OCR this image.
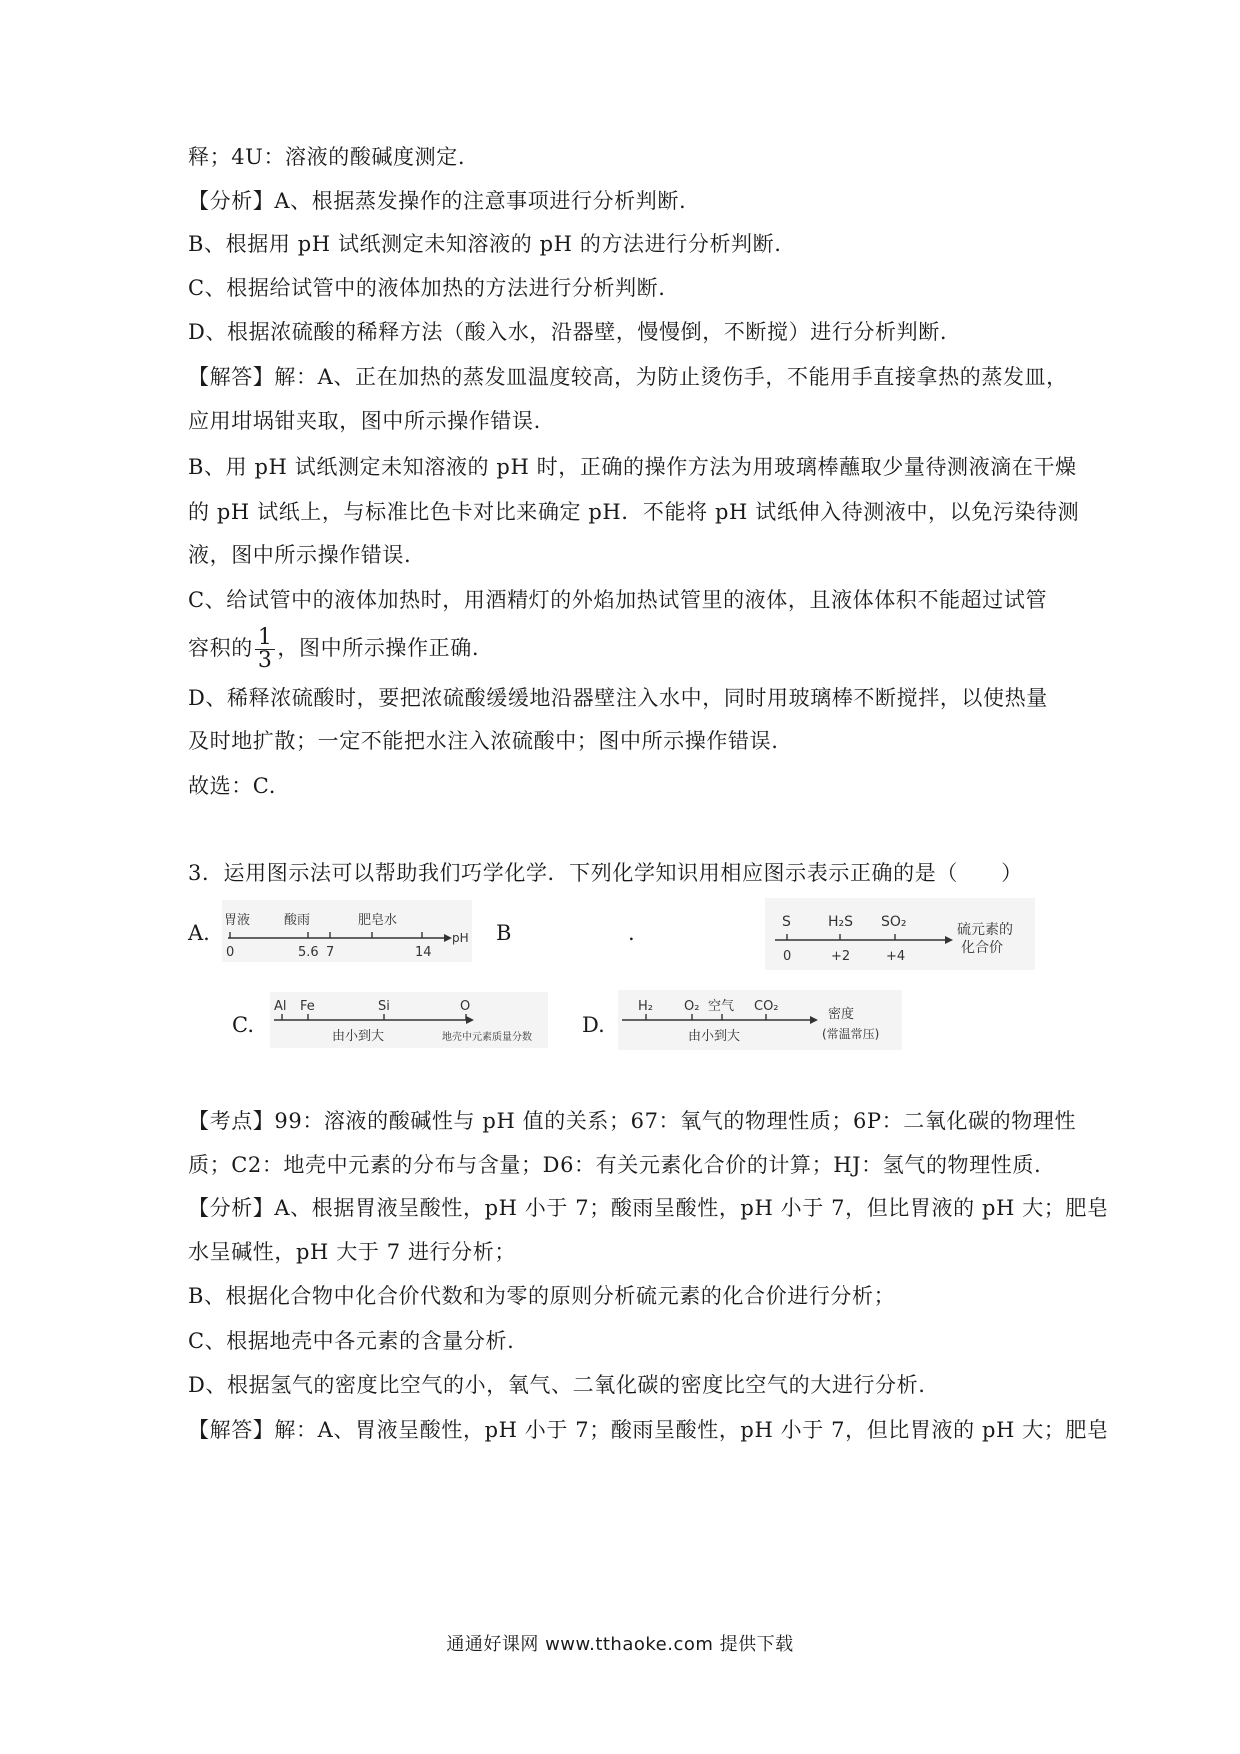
释；4U：溶液的酸碱度测定.
【分析】A、根据蒸发操作的注意事项进行分析判断.
B、根据用 pH 试纸测定未知溶液的 pH 的方法进行分析判断.
C、根据给试管中的液体加热的方法进行分析判断.
D、根据浓硫酸的稀释方法（酸入水，沿器壁，慢慢倒，不断搅）进行分析判断.
【解答】解：A、正在加热的蒸发皿温度较高，为防止烫伤手，不能用手直接拿热的蒸发皿，
应用坩埚钳夹取，图中所示操作错误.
B、用 pH 试纸测定未知溶液的 pH 时，正确的操作方法为用玻璃棒蘸取少量待测液滴在干燥
的 pH 试纸上，与标准比色卡对比来确定 pH．不能将 pH 试纸伸入待测液中，以免污染待测
液，图中所示操作错误.
C、给试管中的液体加热时，用酒精灯的外焰加热试管里的液体，且液体体积不能超过试管
容积的 $\frac{1}{3}$ ，图中所示操作正确.
D、稀释浓硫酸时，要把浓硫酸缓缓地沿器壁注入水中，同时用玻璃棒不断搅拌，以使热量
及时地扩散；一定不能把水注入浓硫酸中；图中所示操作错误.
故选：C.
3．运用图示法可以帮助我们巧学化学．下列化学知识用相应图示表示正确的是（　　）
A.
胃液	酸雨	肥皂水
0	5.6 7	14
pH B	.	S	H₂S SO₂
0	+2	+4
硫元素的
化合价
C.
Al Fe	Si	O
由小到大	地壳中元素质量分数
D.
H₂ O₂ 空气 CO₂
由小到大
密度
(常温常压)
【考点】99：溶液的酸碱性与 pH 值的关系；67：氧气的物理性质；6P：二氧化碳的物理性
质；C2：地壳中元素的分布与含量；D6：有关元素化合价的计算；HJ：氢气的物理性质.
【分析】A、根据胃液呈酸性，pH 小于 7；酸雨呈酸性，pH 小于 7，但比胃液的 pH 大；肥皂
水呈碱性，pH 大于 7 进行分析；
B、根据化合物中化合价代数和为零的原则分析硫元素的化合价进行分析；
C、根据地壳中各元素的含量分析.
D、根据氢气的密度比空气的小，氧气、二氧化碳的密度比空气的大进行分析.
【解答】解：A、胃液呈酸性，pH 小于 7；酸雨呈酸性，pH 小于 7，但比胃液的 pH 大；肥皂
通通好课网 www.tthaoke.com 提供下载
